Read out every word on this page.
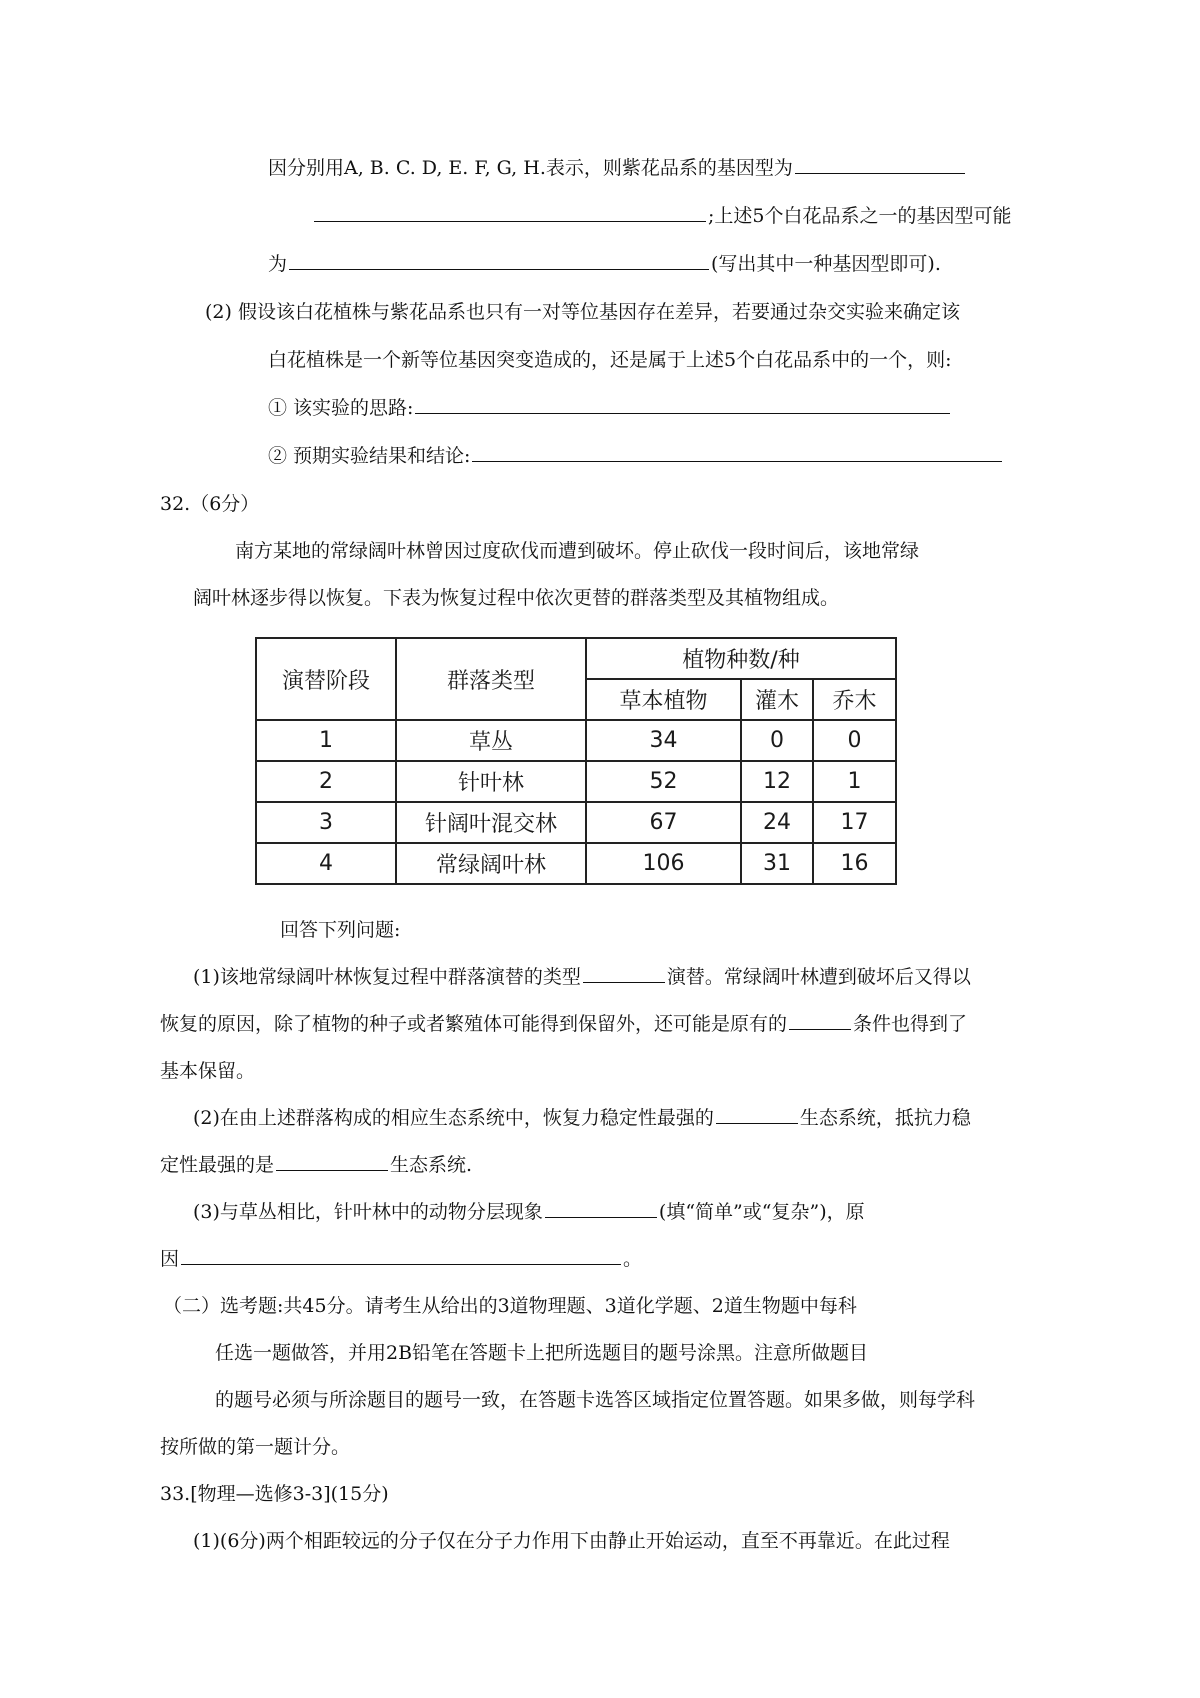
因分别用A, B. C. D, E. F, G, H.表示，则紫花品系的基因型为
;上述5个白花品系之一的基因型可能
为	(写出其中一种基因型即可).
(2) 假设该白花植株与紫花品系也只有一对等位基因存在差异，若要通过杂交实验来确定该
白花植株是一个新等位基因突变造成的，还是属于上述5个白花品系中的一个，则:
① 该实验的思路:
② 预期实验结果和结论:
32.（6分）
南方某地的常绿阔叶林曾因过度砍伐而遭到破坏。停止砍伐一段时间后，该地常绿
阔叶林逐步得以恢复。下表为恢复过程中依次更替的群落类型及其植物组成。
演替阶段	群落类型	植物种数/种		
		草本植物	灌木	乔木
1	草丛	34	0	0
2	针叶林	52	12	1
3	针阔叶混交林	67	24	17
4	常绿阔叶林	106	31	16
回答下列问题:
(1)该地常绿阔叶林恢复过程中群落演替的类型	演替。常绿阔叶林遭到破坏后又得以
恢复的原因，除了植物的种子或者繁殖体可能得到保留外，还可能是原有的	条件也得到了
基本保留。
(2)在由上述群落构成的相应生态系统中，恢复力稳定性最强的	生态系统，抵抗力稳
定性最强的是	生态系统.
(3)与草丛相比，针叶林中的动物分层现象	(填“简单”或“复杂”)，原
因	。
（二）选考题:共45分。请考生从给出的3道物理题、3道化学题、2道生物题中每科
任选一题做答，并用2B铅笔在答题卡上把所选题目的题号涂黑。注意所做题目
的题号必须与所涂题目的题号一致，在答题卡选答区域指定位置答题。如果多做，则每学科
按所做的第一题计分。
33.[物理—选修3-3](15分)
(1)(6分)两个相距较远的分子仅在分子力作用下由静止开始运动，直至不再靠近。在此过程
